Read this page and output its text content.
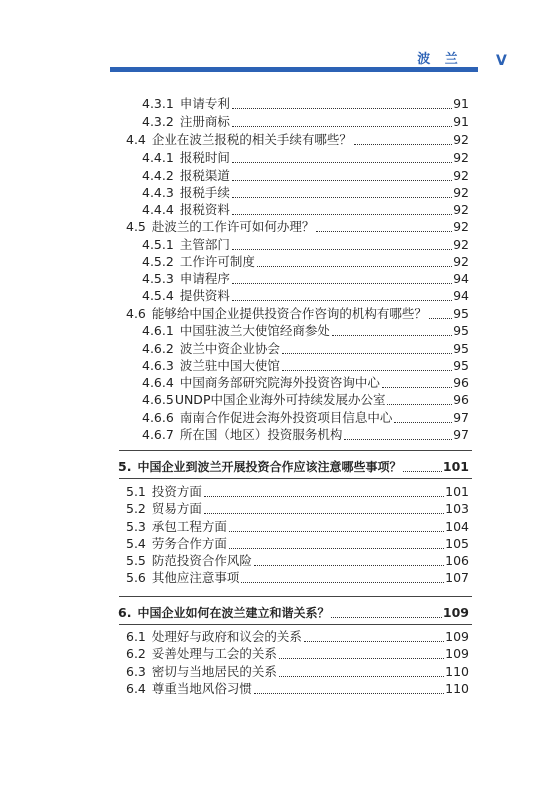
波 兰	V
4.3.1 申请专利	91
4.3.2 注册商标	91
4.4 企业在波兰报税的相关手续有哪些？	92
4.4.1 报税时间	92
4.4.2 报税渠道	92
4.4.3 报税手续	92
4.4.4 报税资料	92
4.5 赴波兰的工作许可如何办理？	92
4.5.1 主管部门	92
4.5.2 工作许可制度	92
4.5.3 申请程序	94
4.5.4 提供资料	94
4.6 能够给中国企业提供投资合作咨询的机构有哪些？ 95
4.6.1 中国驻波兰大使馆经商参处	95
4.6.2 波兰中资企业协会	95
4.6.3 波兰驻中国大使馆	95
4.6.4 中国商务部研究院海外投资咨询中心	96
4.6.5 UNDP中国企业海外可持续发展办公室	96
4.6.6 南南合作促进会海外投资项目信息中心	97
4.6.7 所在国（地区）投资服务机构	97
5. 中国企业到波兰开展投资合作应该注意哪些事项？	101
5.1 投资方面	101
5.2 贸易方面	103
5.3 承包工程方面	104
5.4 劳务合作方面	105
5.5 防范投资合作风险	106
5.6 其他应注意事项	107
6. 中国企业如何在波兰建立和谐关系？	109
6.1 处理好与政府和议会的关系	109
6.2 妥善处理与工会的关系	109
6.3 密切与当地居民的关系	110
6.4 尊重当地风俗习惯	110
